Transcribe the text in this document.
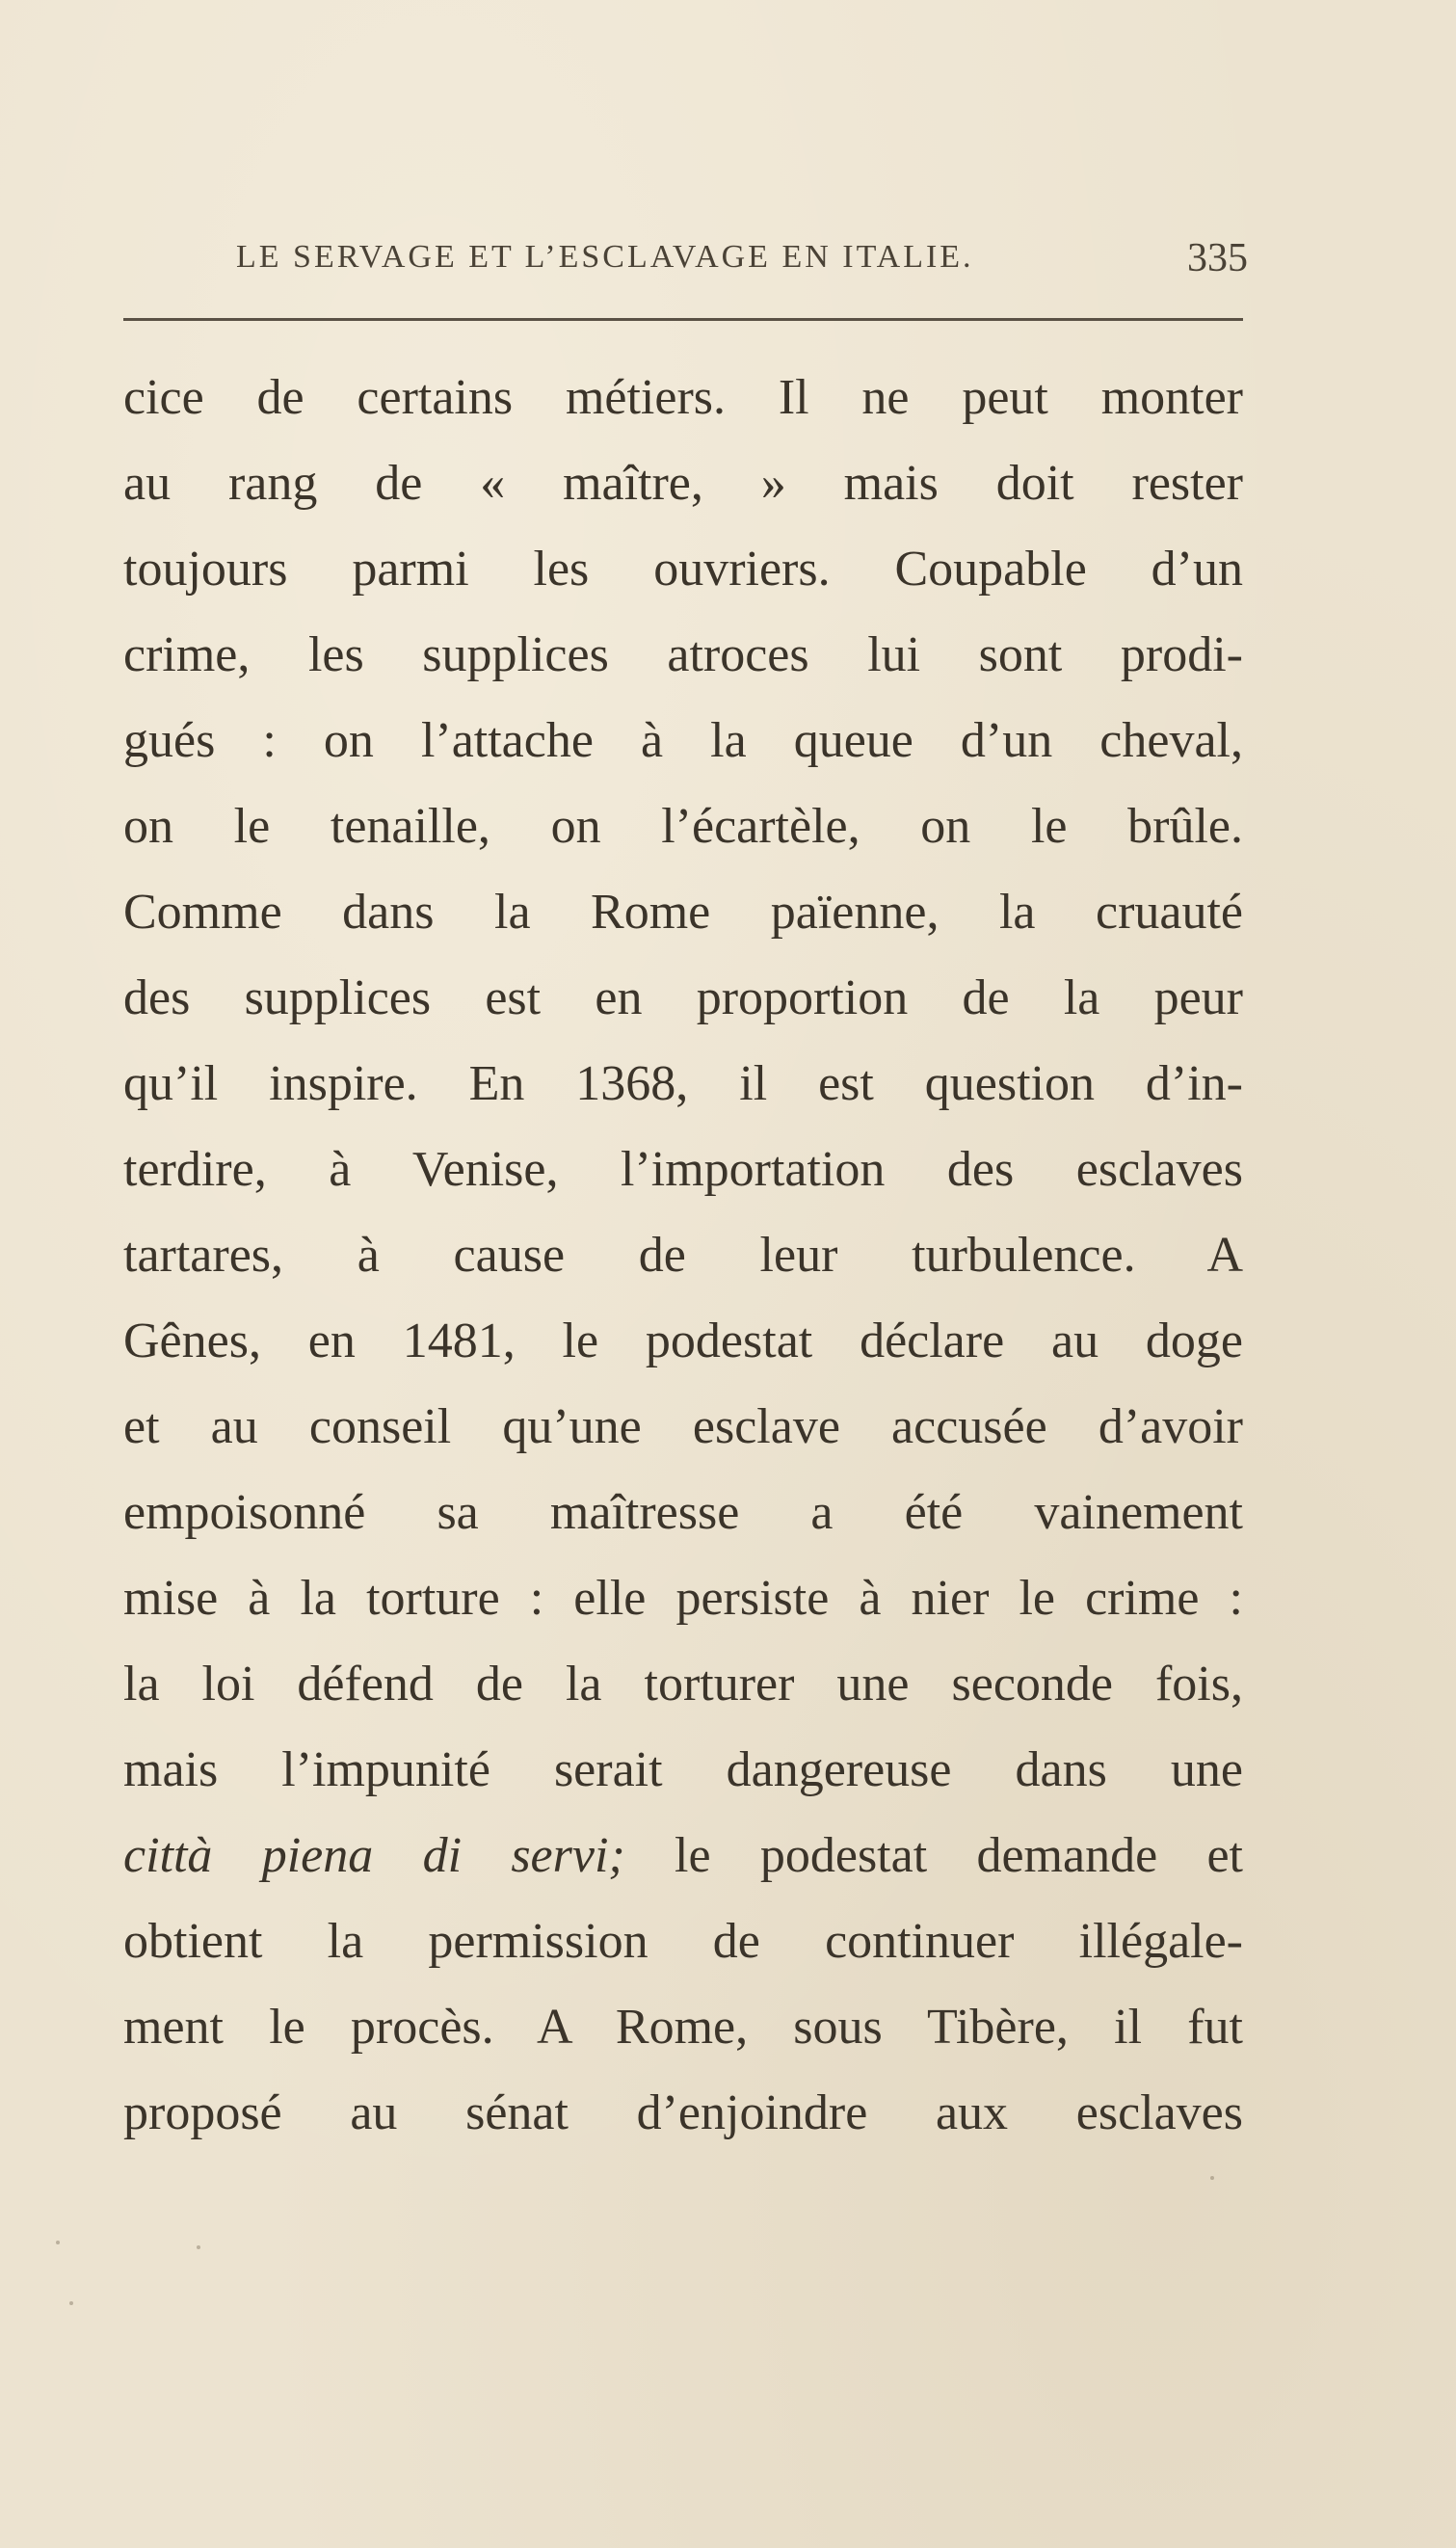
LE SERVAGE ET L’ESCLAVAGE EN ITALIE.	335
cice de certains métiers. Il ne peut monter
au rang de « maître, » mais doit rester
toujours parmi les ouvriers. Coupable d’un
crime, les supplices atroces lui sont prodi-
gués : on l’attache à la queue d’un cheval,
on le tenaille, on l’écartèle, on le brûle.
Comme dans la Rome païenne, la cruauté
des supplices est en proportion de la peur
qu’il inspire. En 1368, il est question d’in-
terdire, à Venise, l’importation des esclaves
tartares, à cause de leur turbulence. A
Gênes, en 1481, le podestat déclare au doge
et au conseil qu’une esclave accusée d’avoir
empoisonné sa maîtresse a été vainement
mise à la torture : elle persiste à nier le crime :
la loi défend de la torturer une seconde fois,
mais l’impunité serait dangereuse dans une
città piena di servi; le podestat demande et
obtient la permission de continuer illégale-
ment le procès. A Rome, sous Tibère, il fut
proposé au sénat d’enjoindre aux esclaves
